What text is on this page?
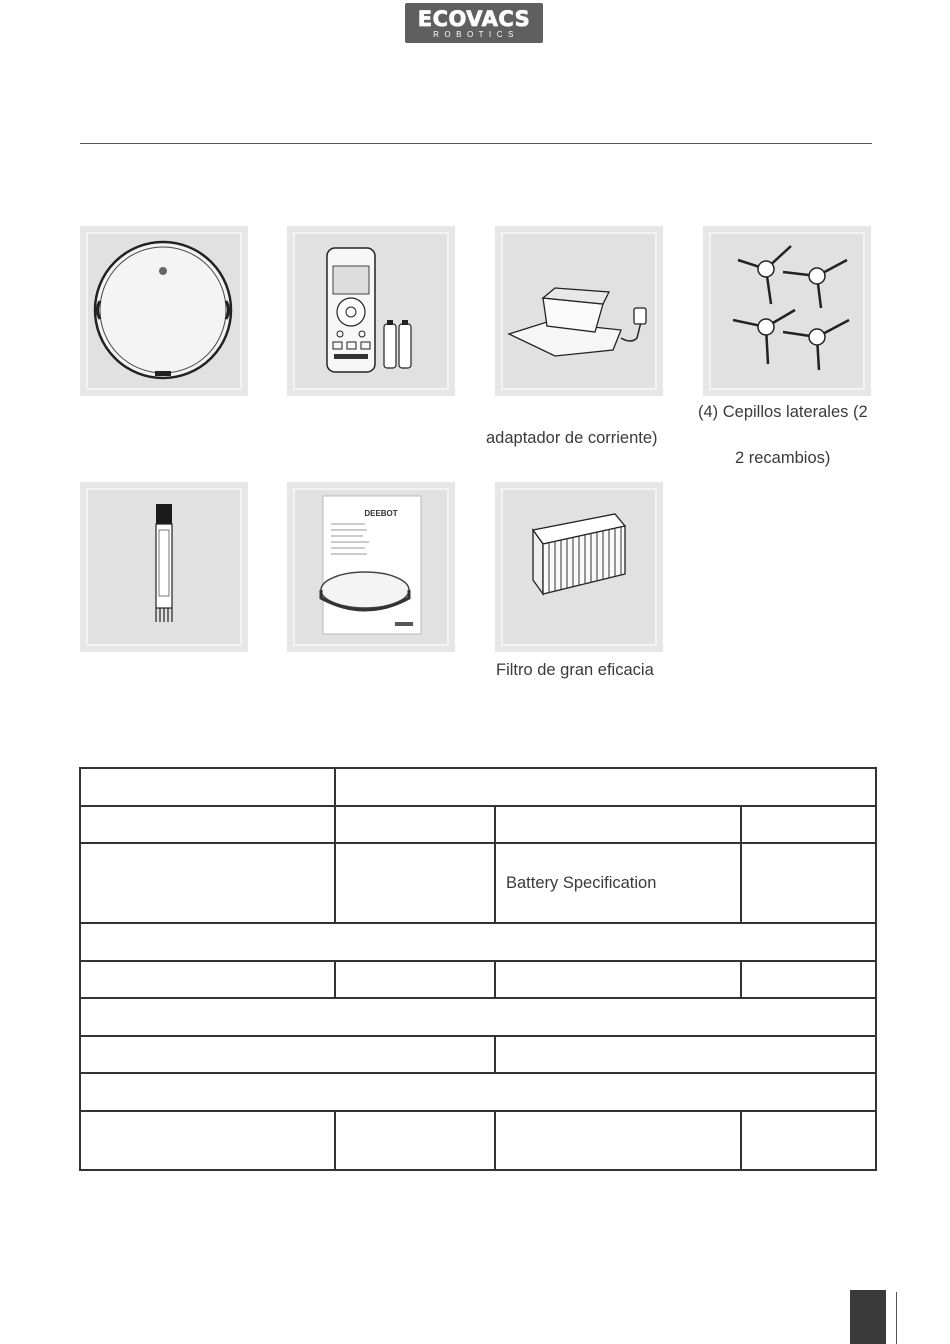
ECOVACS
ROBOTICS
adaptador de corriente)
(4) Cepillos laterales (2
2 recambios)
DEEBOT
Filtro de gran eficacia

		Battery Specification	
